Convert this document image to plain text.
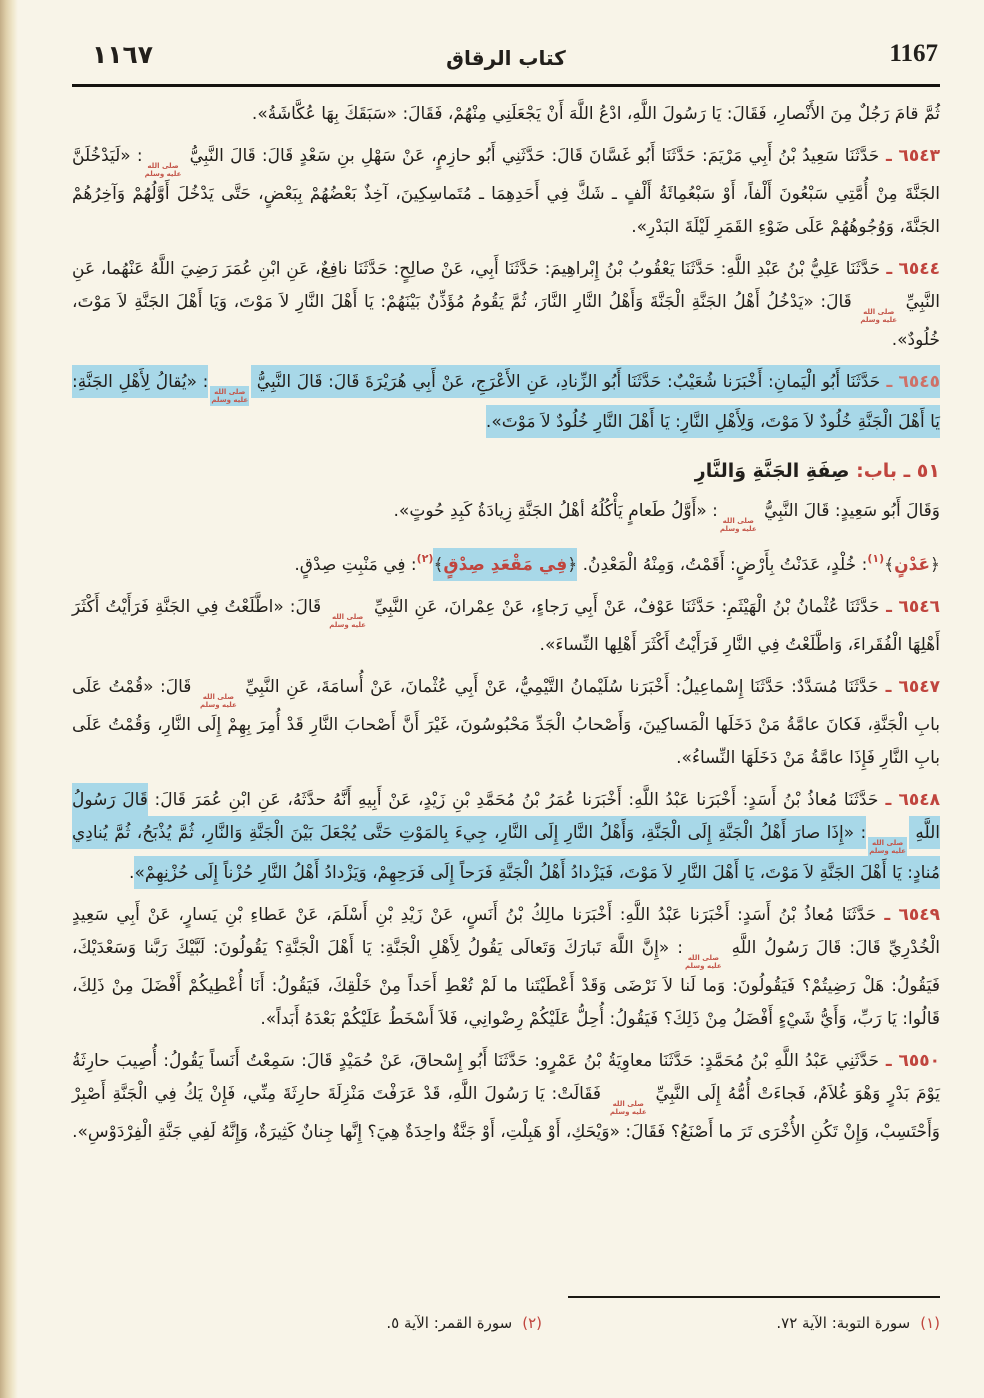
١١٦٧	كتاب الرقاق	1167
ثُمَّ قامَ رَجُلٌ مِنَ الأَنْصارِ، فَقَالَ: يَا رَسُولَ اللَّهِ، ادْعُ اللَّهَ أَنْ يَجْعَلَنِي مِنْهُمْ، فَقَالَ: «سَبَقَكَ بِهَا عُكَّاشَةُ».
٦٥٤٣ ـ حَدَّثَنَا سَعِيدُ بْنُ أَبِي مَرْيَمَ: حَدَّثَنَا أَبُو غَسَّانَ قَالَ: حَدَّثَنِي أَبُو حازِمٍ، عَنْ سَهْلِ بنِ سَعْدٍ قَالَ: قَالَ النَّبِيُّ
صلى الله
عليه وسلم
: «لَيَدْخُلَنَّ الجَنَّةَ مِنْ أُمَّتِي سَبْعُونَ أَلْفاً، أَوْ سَبْعُمِائَةُ أَلْفٍ ـ شَكَّ فِي أَحَدِهِمَا ـ مُتَماسِكِينَ، آخِذٌ بَعْضُهُمْ بِبَعْضٍ، حَتَّى يَدْخُلَ أَوَّلُهُمْ وَآخِرُهُمْ الجَنَّةَ، وَوُجُوهُهُمْ عَلَى ضَوْءِ القَمَرِ لَيْلَةَ البَدْرِ».
٦٥٤٤ ـ حَدَّثَنَا عَلِيُّ بْنُ عَبْدِ اللَّهِ: حَدَّثَنَا يَعْقُوبُ بْنُ إِبْراهِيمَ: حَدَّثَنَا أَبِي، عَنْ صالِحٍ: حَدَّثَنَا نافِعٌ، عَنِ ابْنِ عُمَرَ رَضِيَ اللَّهُ عَنْهُما، عَنِ النَّبِيِّ
صلى الله
عليه وسلم
قَالَ: «يَدْخُلُ أَهْلُ الجَنَّةِ الْجَنَّةَ وَأَهْلُ النَّارِ النَّارَ، ثُمَّ يَقُومُ مُؤَذِّنٌ بَيْنَهُمْ: يَا أَهْلَ النَّارِ لاَ مَوْتَ، وَيَا أَهْلَ الجَنَّةِ لاَ مَوْتَ، خُلُودٌ».
٦٥٤٥ ـ حَدَّثَنَا أَبُو الْيَمانِ: أَخْبَرَنا شُعَيْبٌ: حَدَّثَنَا أَبُو الزِّنادِ، عَنِ الأَعْرَجِ، عَنْ أَبِي هُرَيْرَةَ قَالَ: قَالَ النَّبِيُّ
صلى الله
عليه وسلم
: «يُقالُ لِأَهْلِ الجَنَّةِ: يَا أَهْلَ الْجَنَّةِ خُلُودٌ لاَ مَوْتَ، وَلِأَهْلِ النَّارِ: يَا أَهْلَ النَّارِ خُلُودٌ لاَ مَوْتَ».
٥١ ـ باب: صِفَةِ الجَنَّةِ وَالنَّارِ
وَقَالَ أَبُو سَعِيدٍ: قَالَ النَّبِيُّ
صلى الله
عليه وسلم
: «أَوَّلُ طَعامٍ يَأْكُلُهُ أهْلُ الجَنَّةِ زِيادَةُ كَبِدِ حُوتٍ».
﴿عَدْنٍ﴾$^{(١)}$: خُلْدٍ، عَدَنْتُ بِأَرْضٍ: أَقَمْتُ، وَمِنْهُ الْمَعْدِنُ. ﴿فِي مَقْعَدِ صِدْقٍ﴾$^{(٢)}$: فِي مَنْبِتِ صِدْقٍ.
٦٥٤٦ ـ حَدَّثَنَا عُثْمانُ بْنُ الْهَيْثَمِ: حَدَّثَنَا عَوْفٌ، عَنْ أَبِي رَجاءٍ، عَنْ عِمْرانَ، عَنِ النَّبِيِّ
صلى الله
عليه وسلم
قَالَ: «اطَّلَعْتُ فِي الجَنَّةِ فَرَأَيْتُ أَكْثَرَ أَهْلِهَا الْفُقَراءَ، وَاطَّلَعْتُ فِي النَّارِ فَرَأَيْتُ أَكْثَرَ أَهْلِها النِّساءَ».
٦٥٤٧ ـ حَدَّثَنَا مُسَدَّدٌ: حَدَّثَنَا إِسْماعِيلُ: أَخْبَرَنا سُلَيْمانُ التَّيْمِيُّ، عَنْ أَبِي عُثْمانَ، عَنْ أُسامَةَ، عَنِ النَّبِيِّ
صلى الله
عليه وسلم
قَالَ: «قُمْتُ عَلَى بابِ الْجَنَّةِ، فَكانَ عامَّةُ مَنْ دَخَلَها الْمَساكِينَ، وَأَصْحابُ الْجَدِّ مَحْبُوسُونَ، غَيْرَ أَنَّ أَصْحابَ النَّارِ قَدْ أُمِرَ بِهِمْ إِلَى النَّارِ، وَقُمْتُ عَلَى بابِ النَّارِ فَإِذَا عامَّةُ مَنْ دَخَلَهَا النِّساءُ».
٦٥٤٨ ـ حَدَّثَنَا مُعاذُ بْنُ أَسَدٍ: أَخْبَرَنا عَبْدُ اللَّهِ: أَخْبَرَنا عُمَرُ بْنُ مُحَمَّدِ بْنِ زَيْدٍ، عَنْ أَبِيهِ أَنَّهُ حدَّثَهُ، عَنِ ابْنِ عُمَرَ قَالَ: قَالَ رَسُولُ اللَّهِ
صلى الله
عليه وسلم
: «إِذَا صارَ أَهْلُ الْجَنَّةِ إِلَى الْجَنَّةِ، وَأَهْلُ النَّارِ إِلَى النَّارِ، جِيءَ بِالمَوْتِ حَتَّى يُجْعَلَ بَيْنَ الْجَنَّةِ وَالنَّارِ، ثُمَّ يُذْبَحُ، ثُمَّ يُنادِي مُنادٍ: يَا أَهْلَ الجَنَّةِ لاَ مَوْتَ، يَا أَهْلَ النَّارِ لاَ مَوْتَ، فَيَزْدادُ أَهْلُ الْجَنَّةِ فَرَحاً إِلَى فَرَحِهِمْ، وَيَزْدادُ أَهْلُ النَّارِ حُزْناً إِلَى حُزْنِهِمْ».
٦٥٤٩ ـ حَدَّثَنَا مُعاذُ بْنُ أَسَدٍ: أَخْبَرَنا عَبْدُ اللَّهِ: أَخْبَرَنا مالِكُ بْنُ أَنَسٍ، عَنْ زَيْدِ بْنِ أَسْلَمَ، عَنْ عَطاءِ بْنِ يَسارٍ، عَنْ أَبِي سَعِيدٍ الْخُدْرِيِّ قَالَ: قَالَ رَسُولُ اللَّهِ
صلى الله
عليه وسلم
: «إِنَّ اللَّهَ تَبارَكَ وَتَعالَى يَقُولُ لِأَهْلِ الْجَنَّةِ: يَا أَهْلَ الْجَنَّةِ؟ يَقُولُونَ: لَبَّيْكَ رَبَّنا وَسَعْدَيْكَ، فَيَقُولُ: هَلْ رَضِيتُمْ؟ فَيَقُولُونَ: وَما لَنا لاَ نَرْضَى وَقَدْ أَعْطَيْتَنا ما لَمْ تُعْطِ أَحَداً مِنْ خَلْقِكَ، فَيَقُولُ: أَنَا أُعْطِيكُمْ أَفْضَلَ مِنْ ذَلِكَ، قَالُوا: يَا رَبِّ، وَأَيُّ شَيْءٍ أَفْضَلُ مِنْ ذَلِكَ؟ فَيَقُولُ: أُحِلُّ عَلَيْكُمْ رِضْوانِي، فَلاَ أَسْخَطُ عَلَيْكُمْ بَعْدَهُ أَبَداً».
٦٥٥٠ ـ حَدَّثَنِي عَبْدُ اللَّهِ بْنُ مُحَمَّدٍ: حَدَّثَنَا معاوِيَةُ بْنُ عَمْرٍو: حَدَّثَنَا أَبُو إِسْحاقَ، عَنْ حُمَيْدٍ قَالَ: سَمِعْتُ أَنَساً يَقُولُ: أُصِيبَ حارِثَةُ يَوْمَ بَدْرٍ وَهْوَ غُلاَمٌ، فَجاءَتْ أُمُّهُ إِلَى النَّبِيِّ
صلى الله
عليه وسلم
فَقَالَتْ: يَا رَسُولَ اللَّهِ، قَدْ عَرَفْتَ مَنْزِلَةَ حارِثَةَ مِنِّي، فَإِنْ يَكُ فِي الْجَنَّةِ أَصْبِرْ وَأَحْتَسِبْ، وَإِنْ تَكُنِ الأُخْرَى تَرَ ما أَصْنَعُ؟ فَقَالَ: «وَيْحَكِ، أَوْ هَبِلْتِ، أَوْ جَنَّةٌ واحِدَةٌ هِيَ؟ إِنَّها جِنانٌ كَثِيرَةٌ، وَإِنَّهُ لَفِي جَنَّةِ الْفِرْدَوْسِ».
(١)سورة التوبة: الآية ٧٢.
(٢)سورة القمر: الآية ٥.
